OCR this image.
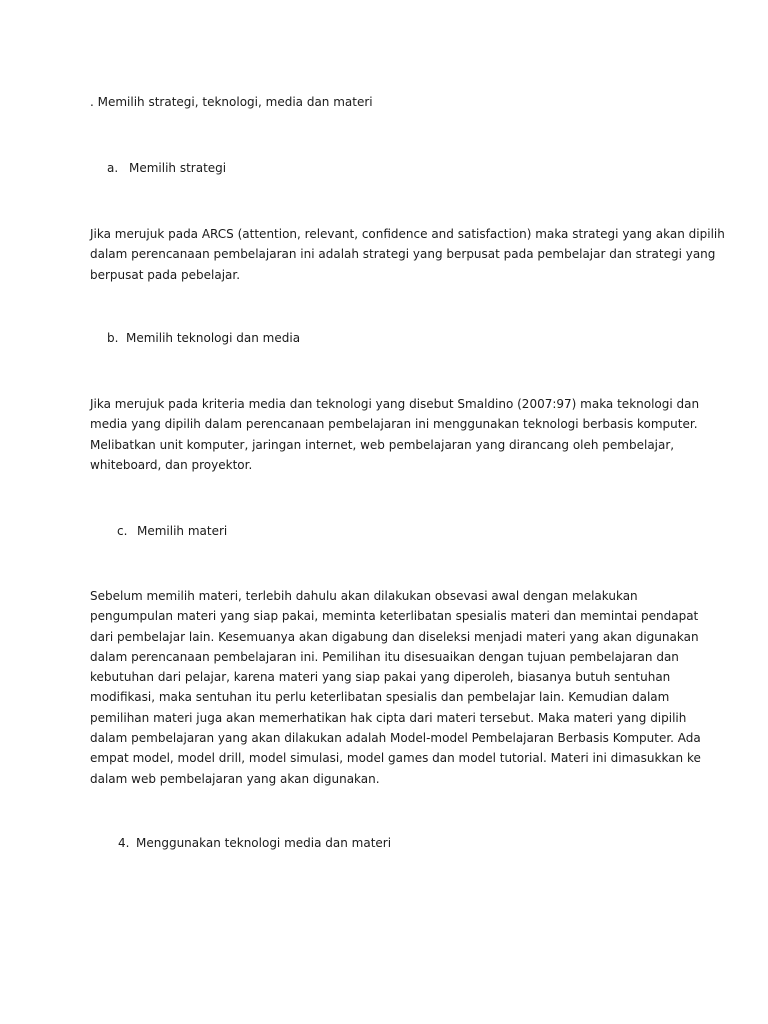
. Memilih strategi, teknologi, media dan materi
a. Memilih strategi
Jika merujuk pada ARCS (attention, relevant, confidence and satisfaction) maka strategi yang akan dipilih
dalam perencanaan pembelajaran ini adalah strategi yang berpusat pada pembelajar dan strategi yang
berpusat pada pebelajar.
b. Memilih teknologi dan media
Jika merujuk pada kriteria media dan teknologi yang disebut Smaldino (2007:97) maka teknologi dan
media yang dipilih dalam perencanaan pembelajaran ini menggunakan teknologi berbasis komputer.
Melibatkan unit komputer, jaringan internet, web pembelajaran yang dirancang oleh pembelajar,
whiteboard, dan proyektor.
c. Memilih materi
Sebelum memilih materi, terlebih dahulu akan dilakukan obsevasi awal dengan melakukan
pengumpulan materi yang siap pakai, meminta keterlibatan spesialis materi dan memintai pendapat
dari pembelajar lain. Kesemuanya akan digabung dan diseleksi menjadi materi yang akan digunakan
dalam perencanaan pembelajaran ini. Pemilihan itu disesuaikan dengan tujuan pembelajaran dan
kebutuhan dari pelajar, karena materi yang siap pakai yang diperoleh, biasanya butuh sentuhan
modifikasi, maka sentuhan itu perlu keterlibatan spesialis dan pembelajar lain. Kemudian dalam
pemilihan materi juga akan memerhatikan hak cipta dari materi tersebut. Maka materi yang dipilih
dalam pembelajaran yang akan dilakukan adalah Model-model Pembelajaran Berbasis Komputer. Ada
empat model, model drill, model simulasi, model games dan model tutorial. Materi ini dimasukkan ke
dalam web pembelajaran yang akan digunakan.
4. Menggunakan teknologi media dan materi
